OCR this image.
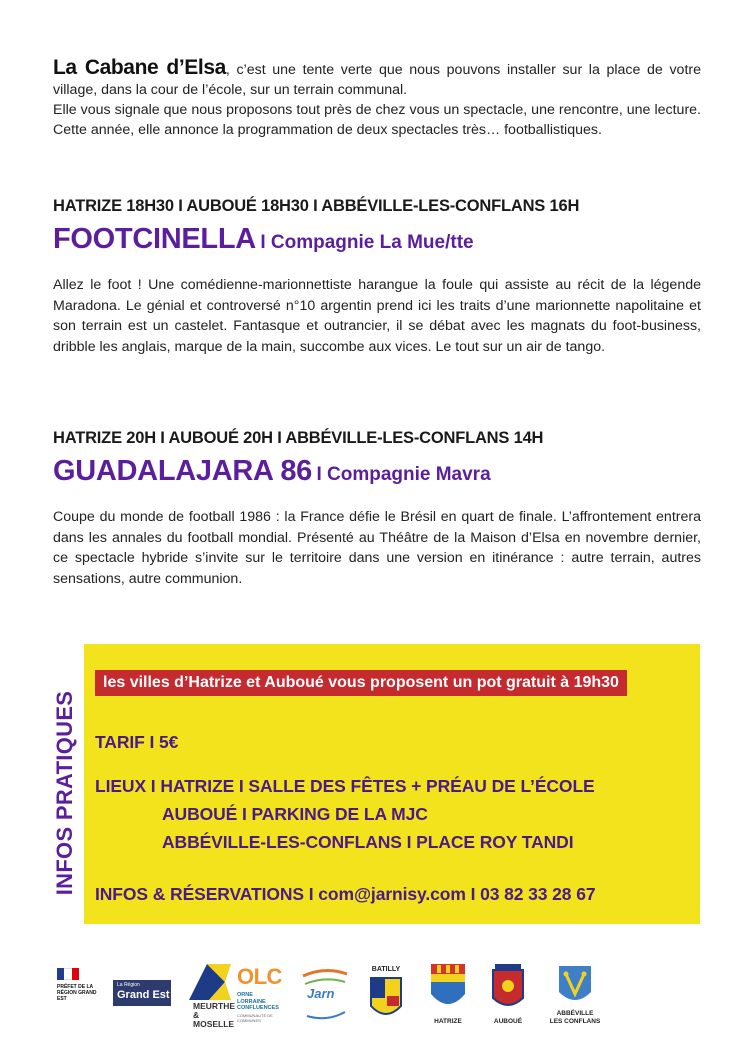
La Cabane d’Elsa, c’est une tente verte que nous pouvons installer sur la place de votre village, dans la cour de l’école, sur un terrain communal.

Elle vous signale que nous proposons tout près de chez vous un spectacle, une rencontre, une lecture. Cette année, elle annonce la programmation de deux spectacles très… footballistiques.

HATRIZE 18H30 I AUBOUÉ 18H30 I ABBÉVILLE-LES-CONFLANS 16H
FOOTCINELLA I Compagnie La Mue/tte

Allez le foot ! Une comédienne-marionnettiste harangue la foule qui assiste au récit de la légende Maradona. Le génial et controversé n°10 argentin prend ici les traits d’une marionnette napolitaine et son terrain est un castelet. Fantasque et outrancier, il se débat avec les magnats du foot-business, dribble les anglais, marque de la main, succombe aux vices. Le tout sur un air de tango.

HATRIZE 20H I AUBOUÉ 20H I ABBÉVILLE-LES-CONFLANS 14H
GUADALAJARA 86 I Compagnie Mavra

Coupe du monde de football 1986 : la France défie le Brésil en quart de finale. L’affrontement entrera dans les annales du football mondial. Présenté au Théâtre de la Maison d’Elsa en novembre dernier, ce spectacle hybride s’invite sur le territoire dans une version en itinérance : autre terrain, autres sensations, autre communion.

INFOS PRATIQUES
les villes d’Hatrize et Auboué vous proposent un pot gratuit à 19h30
TARIF I 5€
LIEUX I HATRIZE I SALLE DES FÊTES + PRÉAU DE L’ÉCOLE
AUBOUÉ I PARKING DE LA MJC
ABBÉVILLE-LES-CONFLANS I PLACE ROY TANDI
INFOS & RÉSERVATIONS I com@jarnisy.com I 03 82 33 28 67
PRÉFET DE LA RÉGION GRAND EST
La Région
Grand Est
MEURTHE
& MOSELLE
OLC
ORNE
LORRAINE
CONFLUENCES
COMMUNAUTÉ DE COMMUNES
Jarn
BATILLY
HATRIZE	AUBOUÉ
ABBÉVILLE
LES CONFLANS
